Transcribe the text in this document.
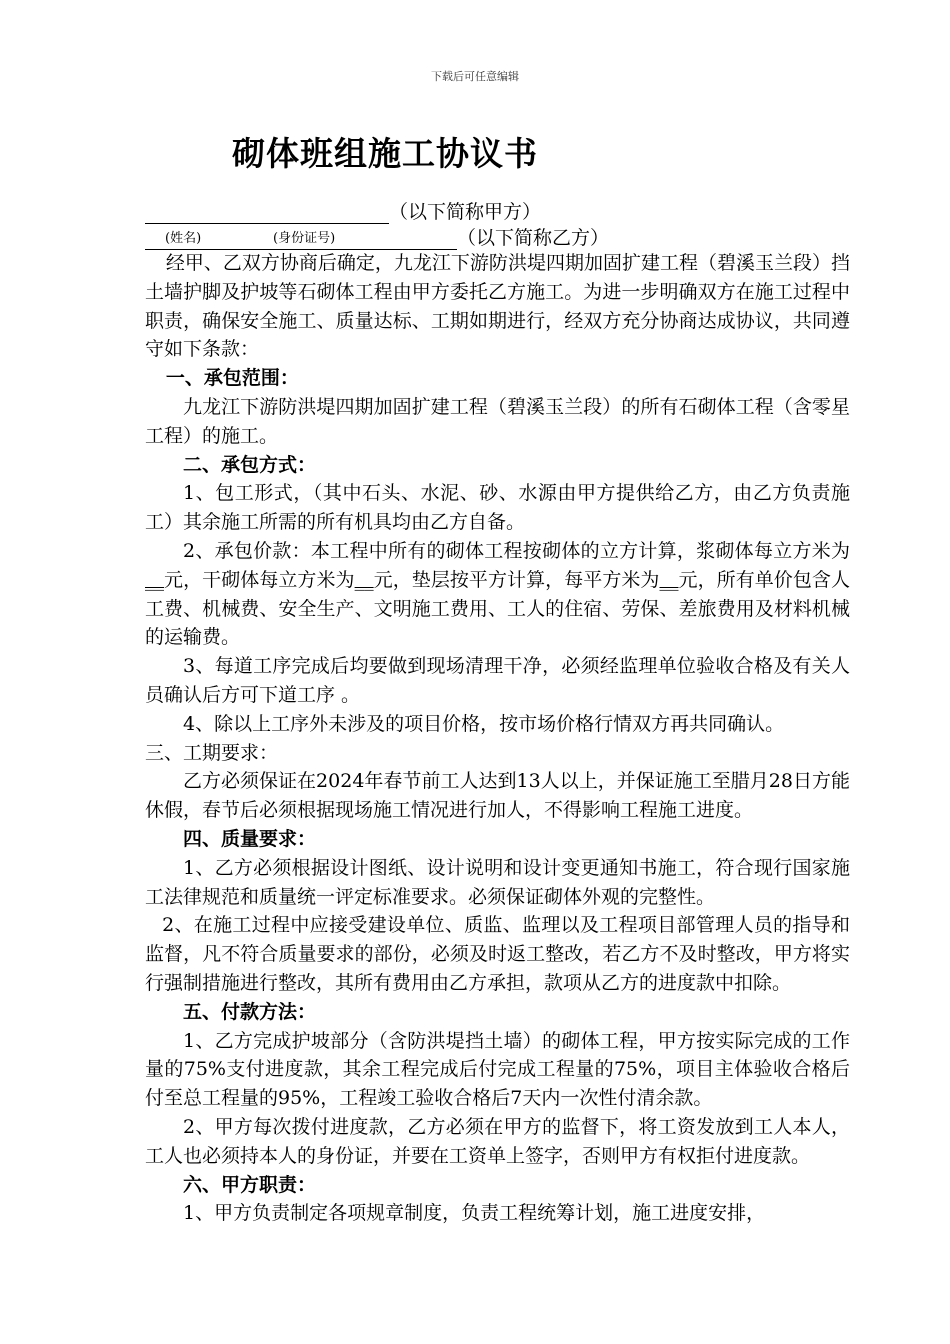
下载后可任意编辑
砌体班组施工协议书
（以下简称甲方）
(姓名)	(身份证号)	（以下简称乙方）

经甲、乙双方协商后确定，九龙江下游防洪堤四期加固扩建工程（碧溪玉兰段）挡土墙护脚及护坡等石砌体工程由甲方委托乙方施工。为进一步明确双方在施工过程中职责，确保安全施工、质量达标、工期如期进行，经双方充分协商达成协议，共同遵守如下条款：

一、承包范围：

九龙江下游防洪堤四期加固扩建工程（碧溪玉兰段）的所有石砌体工程（含零星工程）的施工。

二、承包方式：

1、包工形式，（其中石头、水泥、砂、水源由甲方提供给乙方，由乙方负责施工）其余施工所需的所有机具均由乙方自备。

2、承包价款：本工程中所有的砌体工程按砌体的立方计算，浆砌体每立方米为__元，干砌体每立方米为__元，垫层按平方计算，每平方米为__元，所有单价包含人工费、机械费、安全生产、文明施工费用、工人的住宿、劳保、差旅费用及材料机械的运输费。

3、每道工序完成后均要做到现场清理干净，必须经监理单位验收合格及有关人员确认后方可下道工序 。

4、除以上工序外未涉及的项目价格，按市场价格行情双方再共同确认。

三、工期要求：

乙方必须保证在2024年春节前工人达到13人以上，并保证施工至腊月28日方能休假，春节后必须根据现场施工情况进行加人，不得影响工程施工进度。

四、质量要求：

1、乙方必须根据设计图纸、设计说明和设计变更通知书施工，符合现行国家施工法律规范和质量统一评定标准要求。必须保证砌体外观的完整性。

2、在施工过程中应接受建设单位、质监、监理以及工程项目部管理人员的指导和监督，凡不符合质量要求的部份，必须及时返工整改，若乙方不及时整改，甲方将实行强制措施进行整改，其所有费用由乙方承担，款项从乙方的进度款中扣除。

五、付款方法：

1、乙方完成护坡部分（含防洪堤挡土墙）的砌体工程，甲方按实际完成的工作量的75%支付进度款，其余工程完成后付完成工程量的75%，项目主体验收合格后付至总工程量的95%，工程竣工验收合格后7天内一次性付清余款。

2、甲方每次拨付进度款，乙方必须在甲方的监督下，将工资发放到工人本人，工人也必须持本人的身份证，并要在工资单上签字，否则甲方有权拒付进度款。

六、甲方职责：

1、甲方负责制定各项规章制度，负责工程统筹计划，施工进度安排，
